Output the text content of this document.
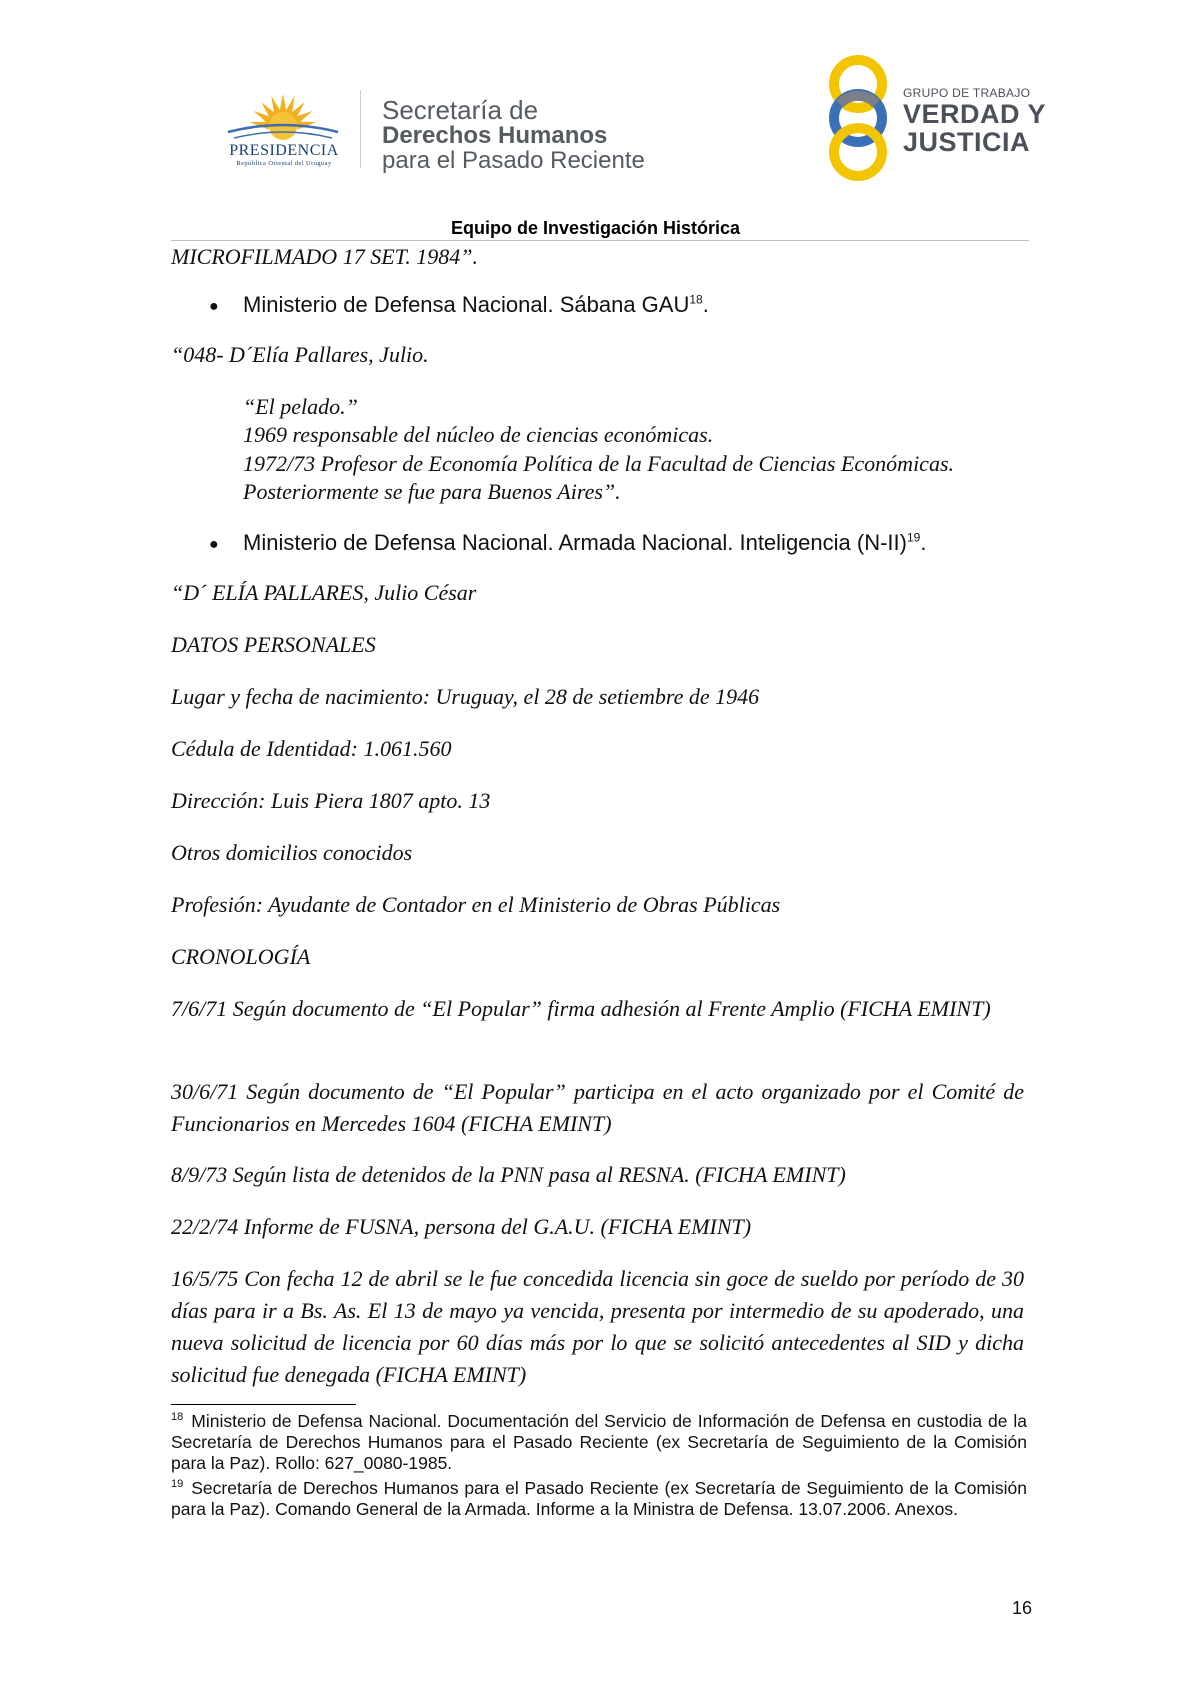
PRESIDENCIA
República Oriental del Uruguay
Secretaría de
Derechos Humanos
para el Pasado Reciente
GRUPO DE TRABAJO
VERDAD Y
JUSTICIA
Equipo de Investigación Histórica
MICROFILMADO 17 SET. 1984”.
● Ministerio de Defensa Nacional. Sábana GAU$^{18}$.
“048- D´Elía Pallares, Julio.
“El pelado.”
1969 responsable del núcleo de ciencias económicas.
1972/73 Profesor de Economía Política de la Facultad de Ciencias Económicas.
Posteriormente se fue para Buenos Aires”.
● Ministerio de Defensa Nacional. Armada Nacional. Inteligencia $(N-II)^{19}$.
“D´ ELÍA PALLARES, Julio César
DATOS PERSONALES
Lugar y fecha de nacimiento: Uruguay, el 28 de setiembre de 1946
Cédula de Identidad: 1.061.560
Dirección: Luis Piera 1807 apto. 13
Otros domicilios conocidos
Profesión: Ayudante de Contador en el Ministerio de Obras Públicas
CRONOLOGÍA
7/6/71 Según documento de “El Popular” firma adhesión al Frente Amplio (FICHA EMINT)
30/6/71 Según documento de “El Popular” participa en el acto organizado por el Comité de Funcionarios en Mercedes 1604 (FICHA EMINT)
8/9/73 Según lista de detenidos de la PNN pasa al RESNA. (FICHA EMINT)
22/2/74 Informe de FUSNA, persona del G.A.U. (FICHA EMINT)
16/5/75 Con fecha 12 de abril se le fue concedida licencia sin goce de sueldo por período de 30 días para ir a Bs. As. El 13 de mayo ya vencida, presenta por intermedio de su apoderado, una nueva solicitud de licencia por 60 días más por lo que se solicitó antecedentes al SID y dicha solicitud fue denegada (FICHA EMINT)
$^{18}$ Ministerio de Defensa Nacional. Documentación del Servicio de Información de Defensa en custodia de la Secretaría de Derechos Humanos para el Pasado Reciente (ex Secretaría de Seguimiento de la Comisión para la Paz). Rollo: 627_0080-1985.
$^{19}$ Secretaría de Derechos Humanos para el Pasado Reciente (ex Secretaría de Seguimiento de la Comisión para la Paz). Comando General de la Armada. Informe a la Ministra de Defensa. 13.07.2006. Anexos.
16
